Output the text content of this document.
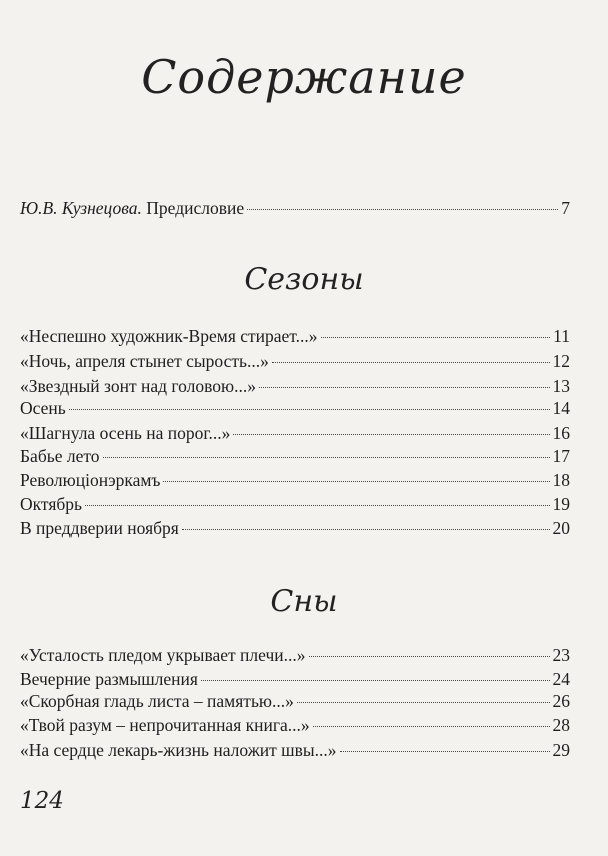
Содержание
Ю.В. Кузнецова. Предисловие	7
Сезоны
«Неспешно художник-Время стирает...»	11
«Ночь, апреля стынет сырость...»	12
«Звездный зонт над головою...»	13
Осень	14
«Шагнула осень на порог...»	16
Бабье лето	17
Революцiонэркамъ	18
Октябрь	19
В преддверии ноября	20
Сны
«Усталость пледом укрывает плечи...»	23
Вечерние размышления	24
«Скорбная гладь листа – памятью...»	26
«Твой разум – непрочитанная книга...»	28
«На сердце лекарь-жизнь наложит швы...»	29
124
